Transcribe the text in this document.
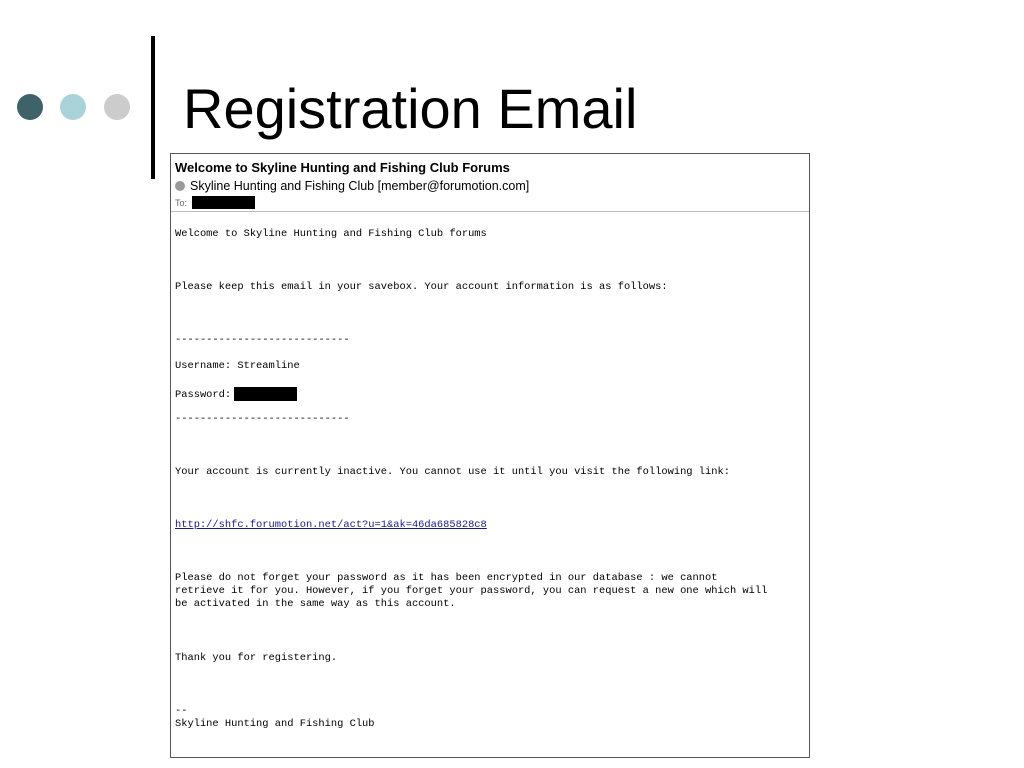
Registration Email
Welcome to Skyline Hunting and Fishing Club Forums
Skyline Hunting and Fishing Club [member@forumotion.com]
To:
Welcome to Skyline Hunting and Fishing Club forums
Please keep this email in your savebox. Your account information is as follows:
----------------------------
Username: Streamline
Password:
----------------------------
Your account is currently inactive. You cannot use it until you visit the following link:
http://shfc.forumotion.net/act?u=1&ak=46da685828c8
Please do not forget your password as it has been encrypted in our database : we cannot
retrieve it for you. However, if you forget your password, you can request a new one which will
be activated in the same way as this account.
Thank you for registering.
--
Skyline Hunting and Fishing Club
